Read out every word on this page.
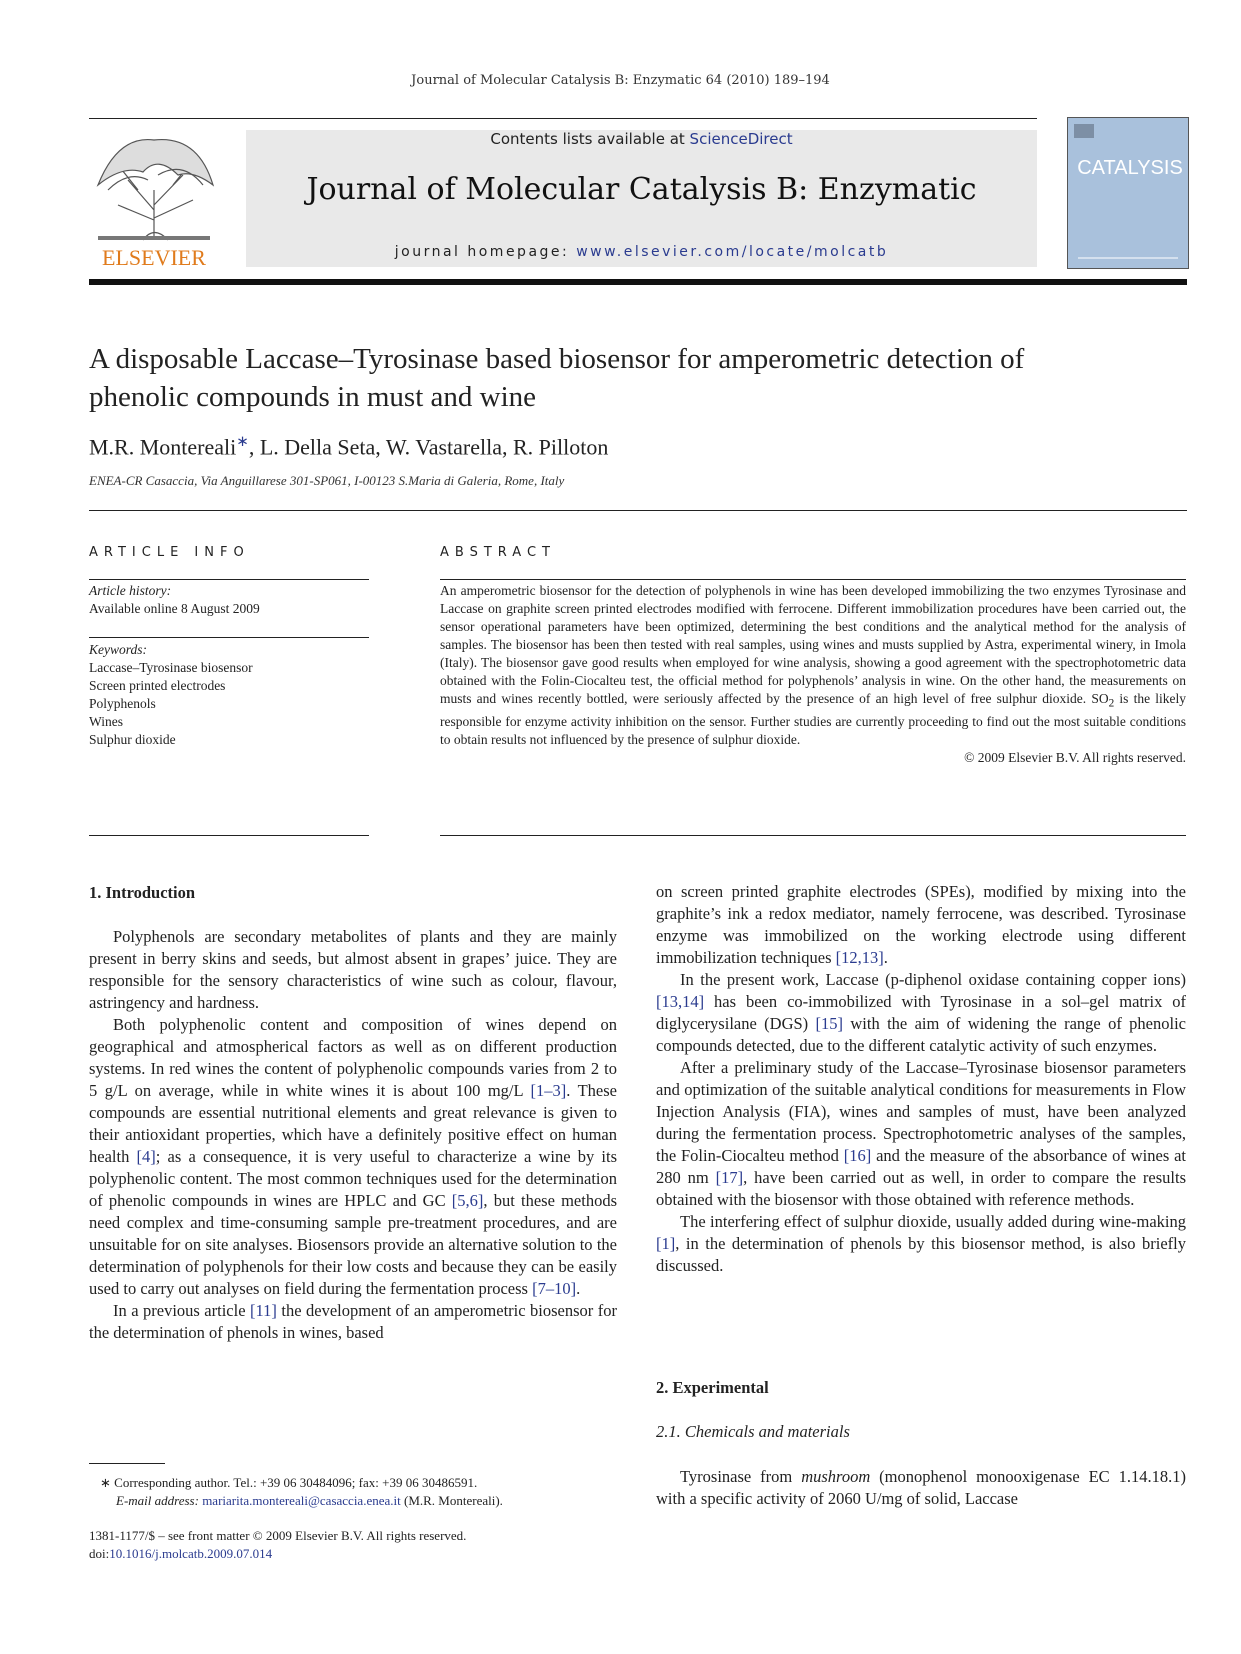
Journal of Molecular Catalysis B: Enzymatic 64 (2010) 189–194
ELSEVIER
Contents lists available at ScienceDirect
Journal of Molecular Catalysis B: Enzymatic
journal homepage: www.elsevier.com/locate/molcatb
CATALYSIS
A disposable Laccase–Tyrosinase based biosensor for amperometric detection of phenolic compounds in must and wine
M.R. Montereali∗, L. Della Seta, W. Vastarella, R. Pilloton
ENEA-CR Casaccia, Via Anguillarese 301-SP061, I-00123 S.Maria di Galeria, Rome, Italy
ARTICLE INFO
Article history:
Available online 8 August 2009
Keywords:
Laccase–Tyrosinase biosensor
Screen printed electrodes
Polyphenols
Wines
Sulphur dioxide
ABSTRACT
An amperometric biosensor for the detection of polyphenols in wine has been developed immobilizing the two enzymes Tyrosinase and Laccase on graphite screen printed electrodes modified with ferrocene. Different immobilization procedures have been carried out, the sensor operational parameters have been optimized, determining the best conditions and the analytical method for the analysis of samples. The biosensor has been then tested with real samples, using wines and musts supplied by Astra, experimental winery, in Imola (Italy). The biosensor gave good results when employed for wine analysis, showing a good agreement with the spectrophotometric data obtained with the Folin-Ciocalteu test, the official method for polyphenols’ analysis in wine. On the other hand, the measurements on musts and wines recently bottled, were seriously affected by the presence of an high level of free sulphur dioxide. $SO_2$ is the likely responsible for enzyme activity inhibition on the sensor. Further studies are currently proceeding to find out the most suitable conditions to obtain results not influenced by the presence of sulphur dioxide.
© 2009 Elsevier B.V. All rights reserved.
1. Introduction

Polyphenols are secondary metabolites of plants and they are mainly present in berry skins and seeds, but almost absent in grapes’ juice. They are responsible for the sensory characteristics of wine such as colour, flavour, astringency and hardness.

Both polyphenolic content and composition of wines depend on geographical and atmospherical factors as well as on different production systems. In red wines the content of polyphenolic compounds varies from 2 to 5 g/L on average, while in white wines it is about 100 mg/L [1–3]. These compounds are essential nutritional elements and great relevance is given to their antioxidant properties, which have a definitely positive effect on human health [4]; as a consequence, it is very useful to characterize a wine by its polyphenolic content. The most common techniques used for the determination of phenolic compounds in wines are HPLC and GC [5,6], but these methods need complex and time-consuming sample pre-treatment procedures, and are unsuitable for on site analyses. Biosensors provide an alternative solution to the determination of polyphenols for their low costs and because they can be easily used to carry out analyses on field during the fermentation process [7–10].

In a previous article [11] the development of an amperometric biosensor for the determination of phenols in wines, based

on screen printed graphite electrodes (SPEs), modified by mixing into the graphite’s ink a redox mediator, namely ferrocene, was described. Tyrosinase enzyme was immobilized on the working electrode using different immobilization techniques [12,13].

In the present work, Laccase (p-diphenol oxidase containing copper ions) [13,14] has been co-immobilized with Tyrosinase in a sol–gel matrix of diglycerysilane (DGS) [15] with the aim of widening the range of phenolic compounds detected, due to the different catalytic activity of such enzymes.

After a preliminary study of the Laccase–Tyrosinase biosensor parameters and optimization of the suitable analytical conditions for measurements in Flow Injection Analysis (FIA), wines and samples of must, have been analyzed during the fermentation process. Spectrophotometric analyses of the samples, the Folin-Ciocalteu method [16] and the measure of the absorbance of wines at 280 nm [17], have been carried out as well, in order to compare the results obtained with the biosensor with those obtained with reference methods.

The interfering effect of sulphur dioxide, usually added during wine-making [1], in the determination of phenols by this biosensor method, is also briefly discussed.

2. Experimental
2.1. Chemicals and materials

Tyrosinase from mushroom (monophenol monooxigenase EC 1.14.18.1) with a specific activity of 2060 U/mg of solid, Laccase

∗ Corresponding author. Tel.: +39 06 30484096; fax: +39 06 30486591.
E-mail address: mariarita.montereali@casaccia.enea.it (M.R. Montereali).
1381-1177/$ – see front matter © 2009 Elsevier B.V. All rights reserved.
doi:10.1016/j.molcatb.2009.07.014
